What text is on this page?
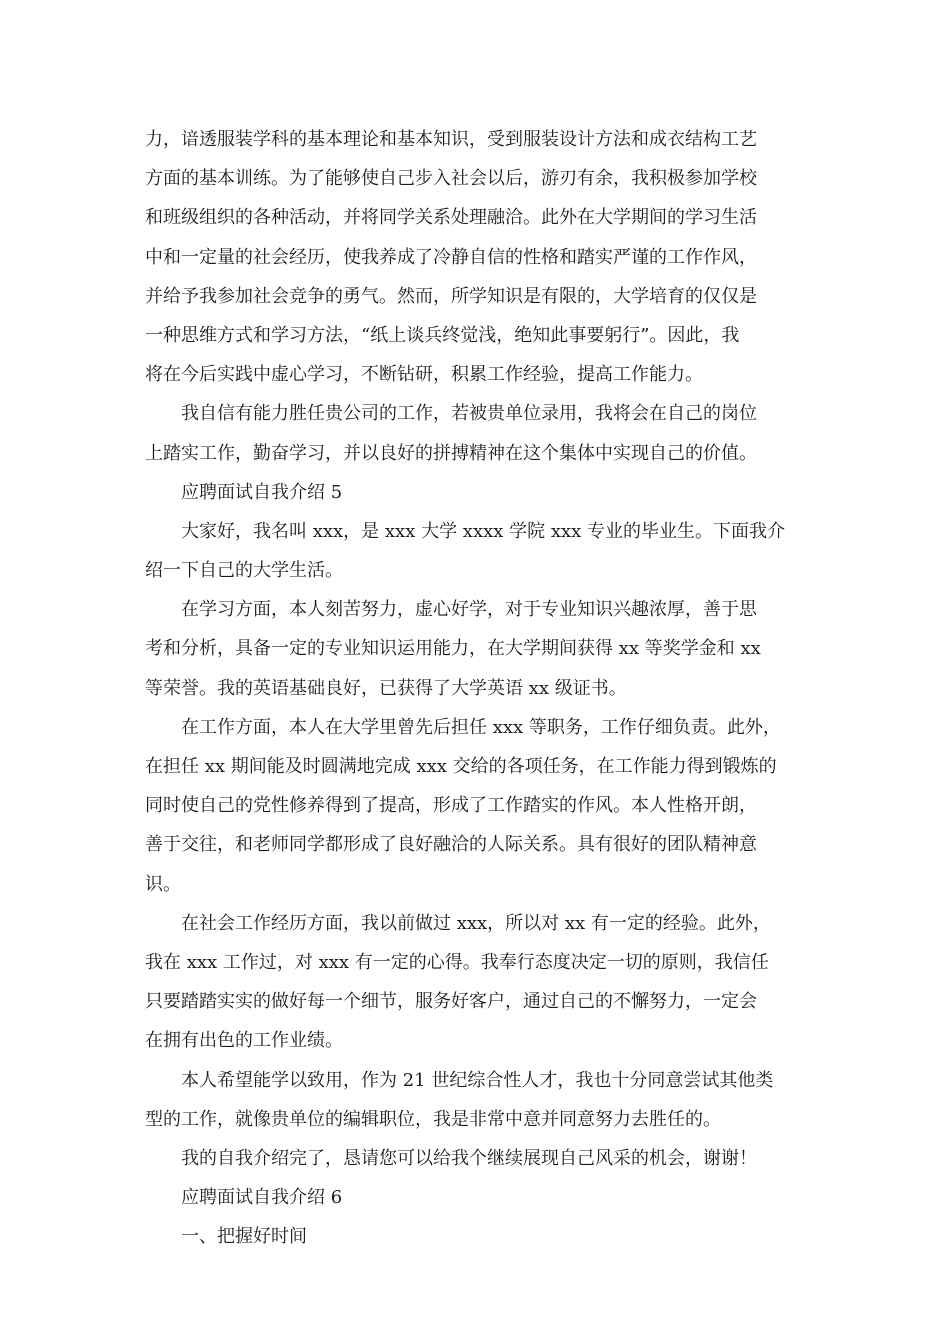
力，谙透服装学科的基本理论和基本知识，受到服装设计方法和成衣结构工艺
方面的基本训练。为了能够使自己步入社会以后，游刃有余，我积极参加学校
和班级组织的各种活动，并将同学关系处理融洽。此外在大学期间的学习生活
中和一定量的社会经历，使我养成了冷静自信的性格和踏实严谨的工作作风，
并给予我参加社会竞争的勇气。然而，所学知识是有限的，大学培育的仅仅是
一种思维方式和学习方法，“纸上谈兵终觉浅，绝知此事要躬行”。因此，我
将在今后实践中虚心学习，不断钻研，积累工作经验，提高工作能力。
我自信有能力胜任贵公司的工作，若被贵单位录用，我将会在自己的岗位
上踏实工作，勤奋学习，并以良好的拼搏精神在这个集体中实现自己的价值。
应聘面试自我介绍 5
大家好，我名叫 xxx，是 xxx 大学 xxxx 学院 xxx 专业的毕业生。下面我介
绍一下自己的大学生活。
在学习方面，本人刻苦努力，虚心好学，对于专业知识兴趣浓厚，善于思
考和分析，具备一定的专业知识运用能力，在大学期间获得 xx 等奖学金和 xx
等荣誉。我的英语基础良好，已获得了大学英语 xx 级证书。
在工作方面，本人在大学里曾先后担任 xxx 等职务，工作仔细负责。此外，
在担任 xx 期间能及时圆满地完成 xxx 交给的各项任务，在工作能力得到锻炼的
同时使自己的党性修养得到了提高，形成了工作踏实的作风。本人性格开朗，
善于交往，和老师同学都形成了良好融洽的人际关系。具有很好的团队精神意
识。
在社会工作经历方面，我以前做过 xxx，所以对 xx 有一定的经验。此外，
我在 xxx 工作过，对 xxx 有一定的心得。我奉行态度决定一切的原则，我信任
只要踏踏实实的做好每一个细节，服务好客户，通过自己的不懈努力，一定会
在拥有出色的工作业绩。
本人希望能学以致用，作为 21 世纪综合性人才，我也十分同意尝试其他类
型的工作，就像贵单位的编辑职位，我是非常中意并同意努力去胜任的。
我的自我介绍完了，恳请您可以给我个继续展现自己风采的机会，谢谢！
应聘面试自我介绍 6
一、把握好时间
